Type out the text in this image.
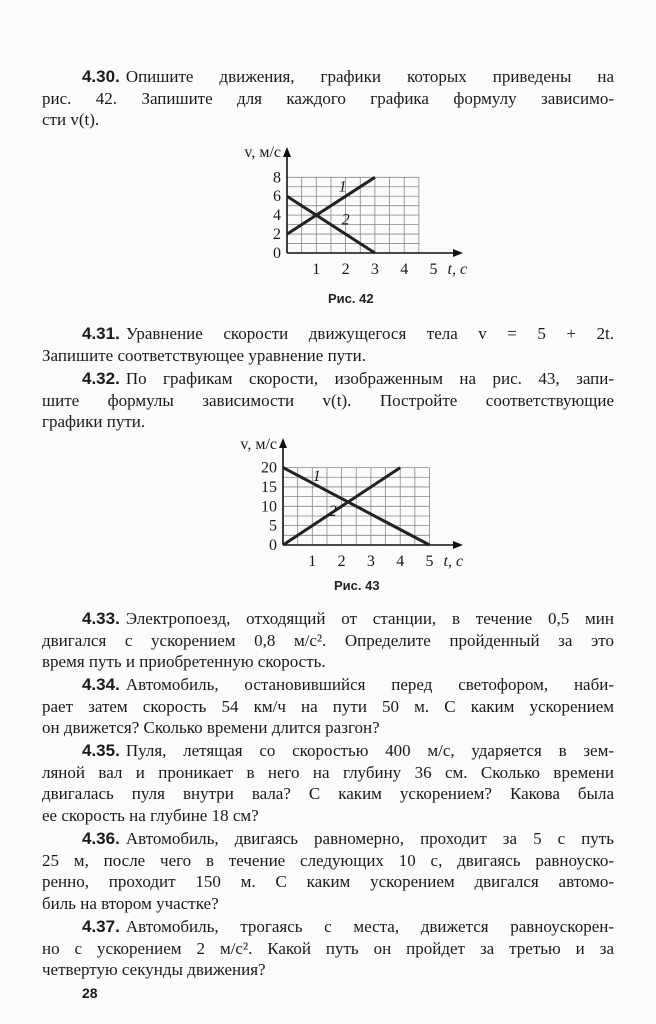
4.30. Опишите движения, графики которых приведены на
рис. 42. Запишите для каждого графика формулу зависимо-
сти v(t).
4.31. Уравнение скорости движущегося тела v = 5 + 2t.
Запишите соответствующее уравнение пути.
4.32. По графикам скорости, изображенным на рис. 43, запи-
шите формулы зависимости v(t). Постройте соответствующие
графики пути.
4.33. Электропоезд, отходящий от станции, в течение 0,5 мин
двигался с ускорением 0,8 м/с². Определите пройденный за это
время путь и приобретенную скорость.
4.34. Автомобиль, остановившийся перед светофором, наби-
рает затем скорость 54 км/ч на пути 50 м. С каким ускорением
он движется? Сколько времени длится разгон?
4.35. Пуля, летящая со скоростью 400 м/с, ударяется в зем-
ляной вал и проникает в него на глубину 36 см. Сколько времени
двигалась пуля внутри вала? С каким ускорением? Какова была
ее скорость на глубине 18 см?
4.36. Автомобиль, двигаясь равномерно, проходит за 5 с путь
25 м, после чего в течение следующих 10 с, двигаясь равноуско-
ренно, проходит 150 м. С каким ускорением двигался автомо-
биль на втором участке?
4.37. Автомобиль, трогаясь с места, движется равноускорен-
но с ускорением 2 м/с². Какой путь он пройдет за третью и за
четвертую секунды движения?
1 2 3 4 5
0
2
4
6
8
v, м/с
t, с
1
2
Рис. 42
1 2 3 4 5
0
5
10
15
20
v, м/с
t, с
1
2
Рис. 43
28
